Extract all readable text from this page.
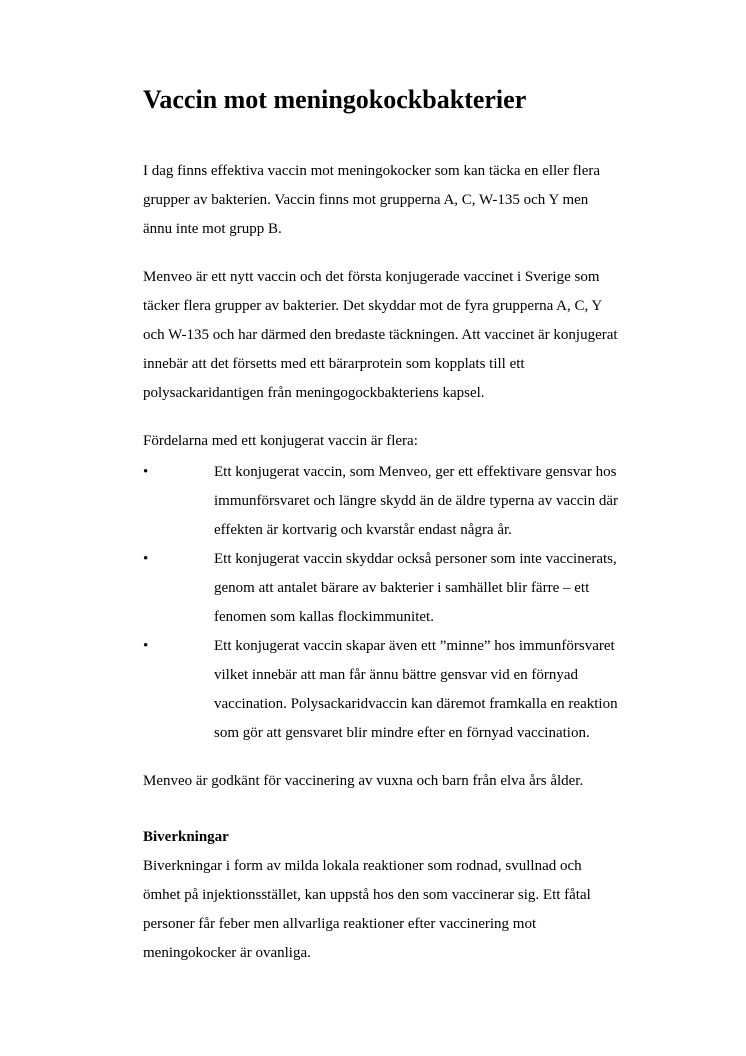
Vaccin mot meningokockbakterier

I dag finns effektiva vaccin mot meningokocker som kan täcka en eller flera grupper av bakterien. Vaccin finns mot grupperna A, C, W-135 och Y men ännu inte mot grupp B.

Menveo är ett nytt vaccin och det första konjugerade vaccinet i Sverige som täcker flera grupper av bakterier. Det skyddar mot de fyra grupperna A, C, Y och W-135 och har därmed den bredaste täckningen. Att vaccinet är konjugerat innebär att det försetts med ett bärarprotein som kopplats till ett polysackaridantigen från meningogockbakteriens kapsel.

Fördelarna med ett konjugerat vaccin är flera:

•	Ett konjugerat vaccin, som Menveo, ger ett effektivare gensvar hos immunförsvaret och längre skydd än de äldre typerna av vaccin där effekten är kortvarig och kvarstår endast några år.
•	Ett konjugerat vaccin skyddar också personer som inte vaccinerats, genom att antalet bärare av bakterier i samhället blir färre – ett fenomen som kallas flockimmunitet.
•	Ett konjugerat vaccin skapar även ett ”minne” hos immunförsvaret vilket innebär att man får ännu bättre gensvar vid en förnyad vaccination. Polysackaridvaccin kan däremot framkalla en reaktion som gör att gensvaret blir mindre efter en förnyad vaccination.

Menveo är godkänt för vaccinering av vuxna och barn från elva års ålder.

Biverkningar

Biverkningar i form av milda lokala reaktioner som rodnad, svullnad och ömhet på injektionsstället, kan uppstå hos den som vaccinerar sig. Ett fåtal personer får feber men allvarliga reaktioner efter vaccinering mot meningokocker är ovanliga.
